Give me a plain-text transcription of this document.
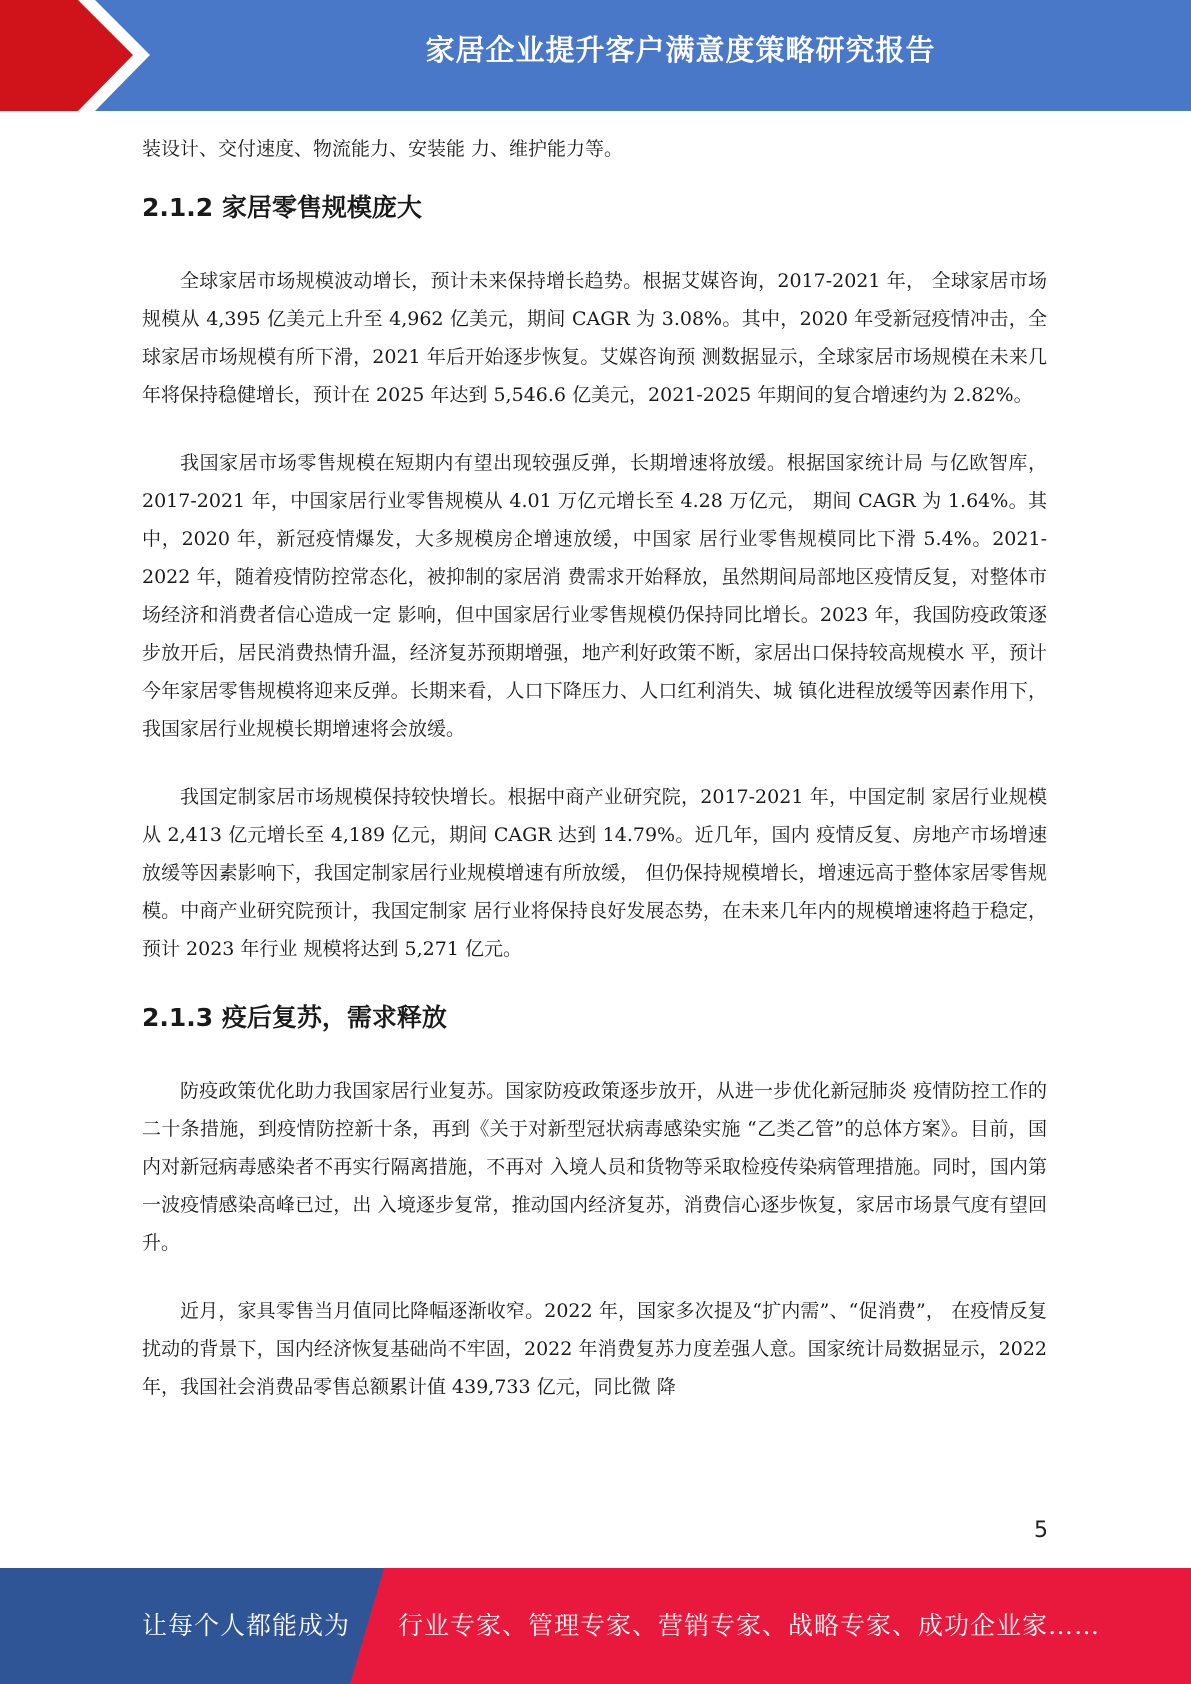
家居企业提升客户满意度策略研究报告

装设计、交付速度、物流能力、安装能 力、维护能力等。

2.1.2 家居零售规模庞大

全球家居市场规模波动增长，预计未来保持增长趋势。根据艾媒咨询，2017-2021 年， 全球家居市场规模从 4,395 亿美元上升至 4,962 亿美元，期间 CAGR 为 3.08%。其中，2020 年受新冠疫情冲击，全球家居市场规模有所下滑，2021 年后开始逐步恢复。艾媒咨询预 测数据显示，全球家居市场规模在未来几年将保持稳健增长，预计在 2025 年达到 5,546.6 亿美元，2021-2025 年期间的复合增速约为 2.82%。

我国家居市场零售规模在短期内有望出现较强反弹，长期增速将放缓。根据国家统计局 与亿欧智库，2017-2021 年，中国家居行业零售规模从 4.01 万亿元增长至 4.28 万亿元， 期间 CAGR 为 1.64%。其中，2020 年，新冠疫情爆发，大多规模房企增速放缓，中国家 居行业零售规模同比下滑 5.4%。2021-2022 年，随着疫情防控常态化，被抑制的家居消 费需求开始释放，虽然期间局部地区疫情反复，对整体市场经济和消费者信心造成一定 影响，但中国家居行业零售规模仍保持同比增长。2023 年，我国防疫政策逐步放开后，居民消费热情升温，经济复苏预期增强，地产利好政策不断，家居出口保持较高规模水 平，预计今年家居零售规模将迎来反弹。长期来看，人口下降压力、人口红利消失、城 镇化进程放缓等因素作用下，我国家居行业规模长期增速将会放缓。

我国定制家居市场规模保持较快增长。根据中商产业研究院，2017-2021 年，中国定制 家居行业规模从 2,413 亿元增长至 4,189 亿元，期间 CAGR 达到 14.79%。近几年，国内 疫情反复、房地产市场增速放缓等因素影响下，我国定制家居行业规模增速有所放缓， 但仍保持规模增长，增速远高于整体家居零售规模。中商产业研究院预计，我国定制家 居行业将保持良好发展态势，在未来几年内的规模增速将趋于稳定，预计 2023 年行业 规模将达到 5,271 亿元。

2.1.3 疫后复苏，需求释放

防疫政策优化助力我国家居行业复苏。国家防疫政策逐步放开，从进一步优化新冠肺炎 疫情防控工作的二十条措施，到疫情防控新十条，再到《关于对新型冠状病毒感染实施 “乙类乙管”的总体方案》。目前，国内对新冠病毒感染者不再实行隔离措施，不再对 入境人员和货物等采取检疫传染病管理措施。同时，国内第一波疫情感染高峰已过，出 入境逐步复常，推动国内经济复苏，消费信心逐步恢复，家居市场景气度有望回升。

近月，家具零售当月值同比降幅逐渐收窄。2022 年，国家多次提及“扩内需”、“促消费”， 在疫情反复扰动的背景下，国内经济恢复基础尚不牢固，2022 年消费复苏力度差强人意。国家统计局数据显示，2022 年，我国社会消费品零售总额累计值 439,733 亿元，同比微 降

5
让每个人都能成为 行业专家、管理专家、营销专家、战略专家、成功企业家……
